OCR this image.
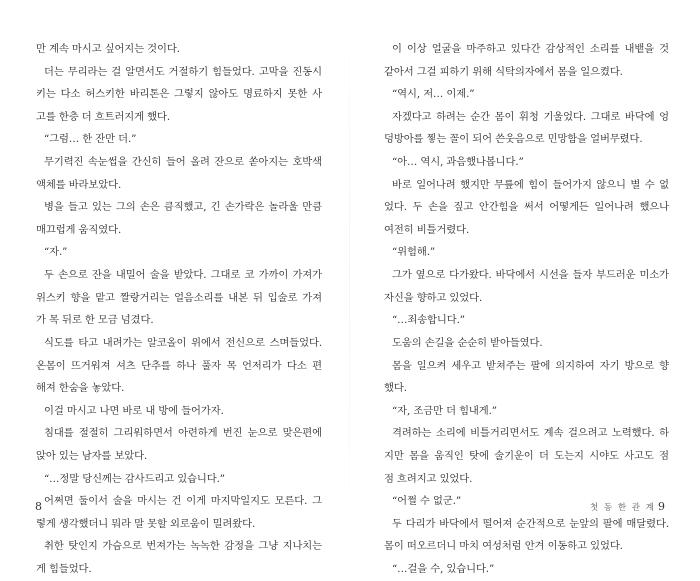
만 계속 마시고 싶어지는 것이다.
더는 무리라는 걸 알면서도 거절하기 힘들었다. 고막을 진동시
키는 다소 허스키한 바리톤은 그렇지 않아도 명료하지 못한 사
고를 한층 더 흐트러지게 했다.
“그럼… 한 잔만 더.”
무기력진 속눈썹을 간신히 들어 올려 잔으로 쏟아지는 호박색
액체를 바라보았다.
병을 들고 있는 그의 손은 큼직했고, 긴 손가락은 놀라울 만큼
매끄럽게 움직였다.
“자.”
두 손으로 잔을 내밀어 술을 받았다. 그대로 코 가까이 가져가
위스키 향을 맡고 짤랑거리는 얼음소리를 내본 뒤 입술로 가져
가 목 뒤로 한 모금 넘겼다.
식도를 타고 내려가는 알코올이 위에서 전신으로 스며들었다.
온몸이 뜨거워져 셔츠 단추를 하나 풀자 목 언저리가 다소 편
해져 한숨을 놓았다.
이걸 마시고 나면 바로 내 방에 들어가자.
침대를 절절히 그리워하면서 아련하게 번진 눈으로 맞은편에
앉아 있는 남자를 보았다.
“…정말 당신께는 감사드리고 있습니다.”
어쩌면 둘이서 술을 마시는 건 이게 마지막일지도 모른다. 그
렇게 생각했더니 뭐라 말 못할 외로움이 밀려왔다.
취한 탓인지 가슴으로 번져가는 녹녹한 감정을 그냥 지나치는
게 힘들었다.
이 이상 얼굴을 마주하고 있다간 감상적인 소리를 내뱉을 것
같아서 그걸 피하기 위해 식탁의자에서 몸을 일으켰다.
“역시, 저… 이제.”
자겠다고 하려는 순간 몸이 휘청 기울었다. 그대로 바닥에 엉
덩방아를 찧는 꼴이 되어 쓴웃음으로 민망함을 얼버무렸다.
“아… 역시, 과음했나봅니다.”
바로 일어나려 했지만 무릎에 힘이 들어가지 않으니 별 수 없
었다. 두 손을 짚고 안간힘을 써서 어떻게든 일어나려 했으나
여전히 비틀거렸다.
“위험해.”
그가 옆으로 다가왔다. 바닥에서 시선을 들자 부드러운 미소가
자신을 향하고 있었다.
“…죄송합니다.”
도움의 손길을 순순히 받아들였다.
몸을 일으켜 세우고 받쳐주는 팔에 의지하여 자기 방으로 향
했다.
“자, 조금만 더 힘내게.”
격려하는 소리에 비틀거리면서도 계속 걸으려고 노력했다. 하
지만 몸을 움직인 탓에 술기운이 더 도는지 시야도 사고도 점
점 흐려지고 있었다.
“어쩔 수 없군.”
두 다리가 바닥에서 떨어져 순간적으로 눈앞의 팔에 매달렸다.
몸이 떠오르더니 마치 여성처럼 안겨 이동하고 있었다.
“…걸을 수, 있습니다.”
8	첫 동 한 관 계 9
